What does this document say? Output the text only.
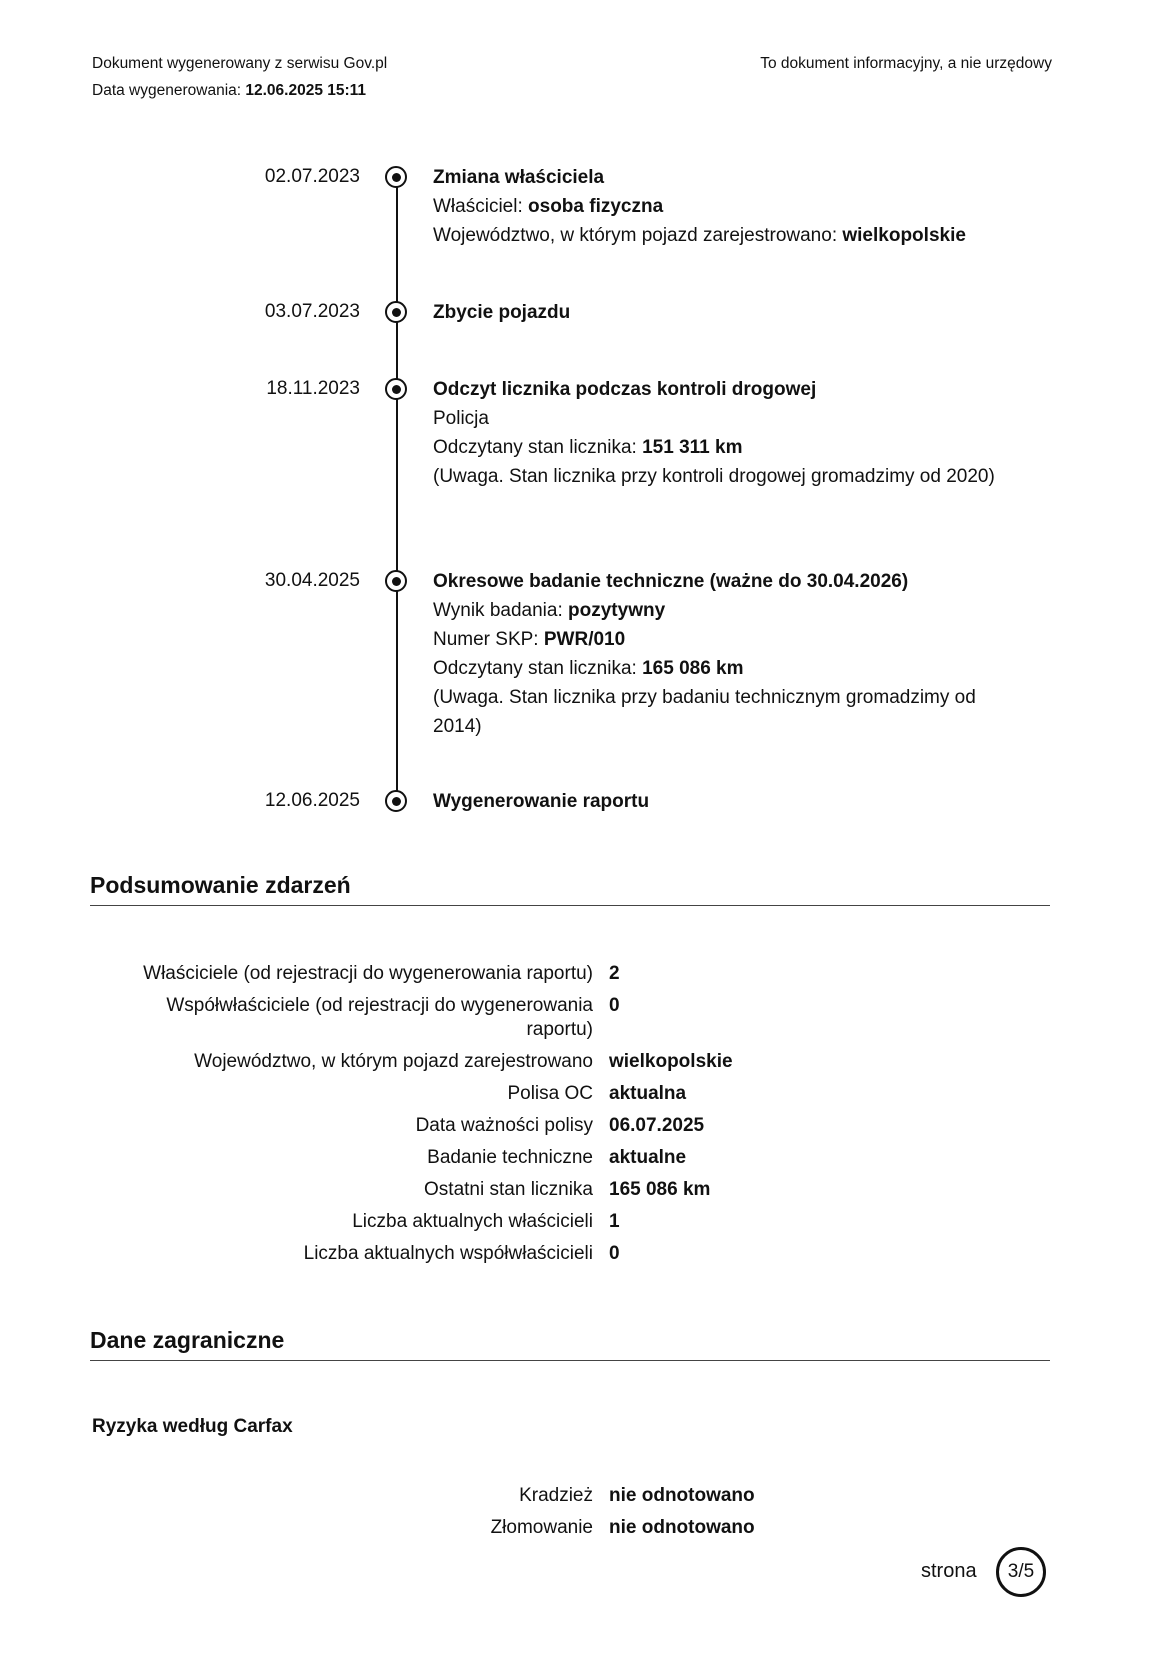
Dokument wygenerowany z serwisu Gov.pl
Data wygenerowania: 12.06.2025 15:11
To dokument informacyjny, a nie urzędowy
02.07.2023	Zmiana właściciela
Właściciel: osoba fizyczna
Województwo, w którym pojazd zarejestrowano: wielkopolskie
03.07.2023	Zbycie pojazdu
18.11.2023	Odczyt licznika podczas kontroli drogowej
Policja
Odczytany stan licznika: 151 311 km
(Uwaga. Stan licznika przy kontroli drogowej gromadzimy od 2020)
30.04.2025	Okresowe badanie techniczne (ważne do 30.04.2026)
Wynik badania: pozytywny
Numer SKP: PWR/010
Odczytany stan licznika: 165 086 km
(Uwaga. Stan licznika przy badaniu technicznym gromadzimy od 2014)
12.06.2025	Wygenerowanie raportu
Podsumowanie zdarzeń
Właściciele (od rejestracji do wygenerowania raportu) 2
Współwłaściciele (od rejestracji do wygenerowania raportu)
0
Województwo, w którym pojazd zarejestrowano wielkopolskie
Polisa OC aktualna
Data ważności polisy 06.07.2025
Badanie techniczne aktualne
Ostatni stan licznika 165 086 km
Liczba aktualnych właścicieli 1
Liczba aktualnych współwłaścicieli 0
Dane zagraniczne
Ryzyka według Carfax
Kradzież nie odnotowano
Złomowanie nie odnotowano
strona	3/5
